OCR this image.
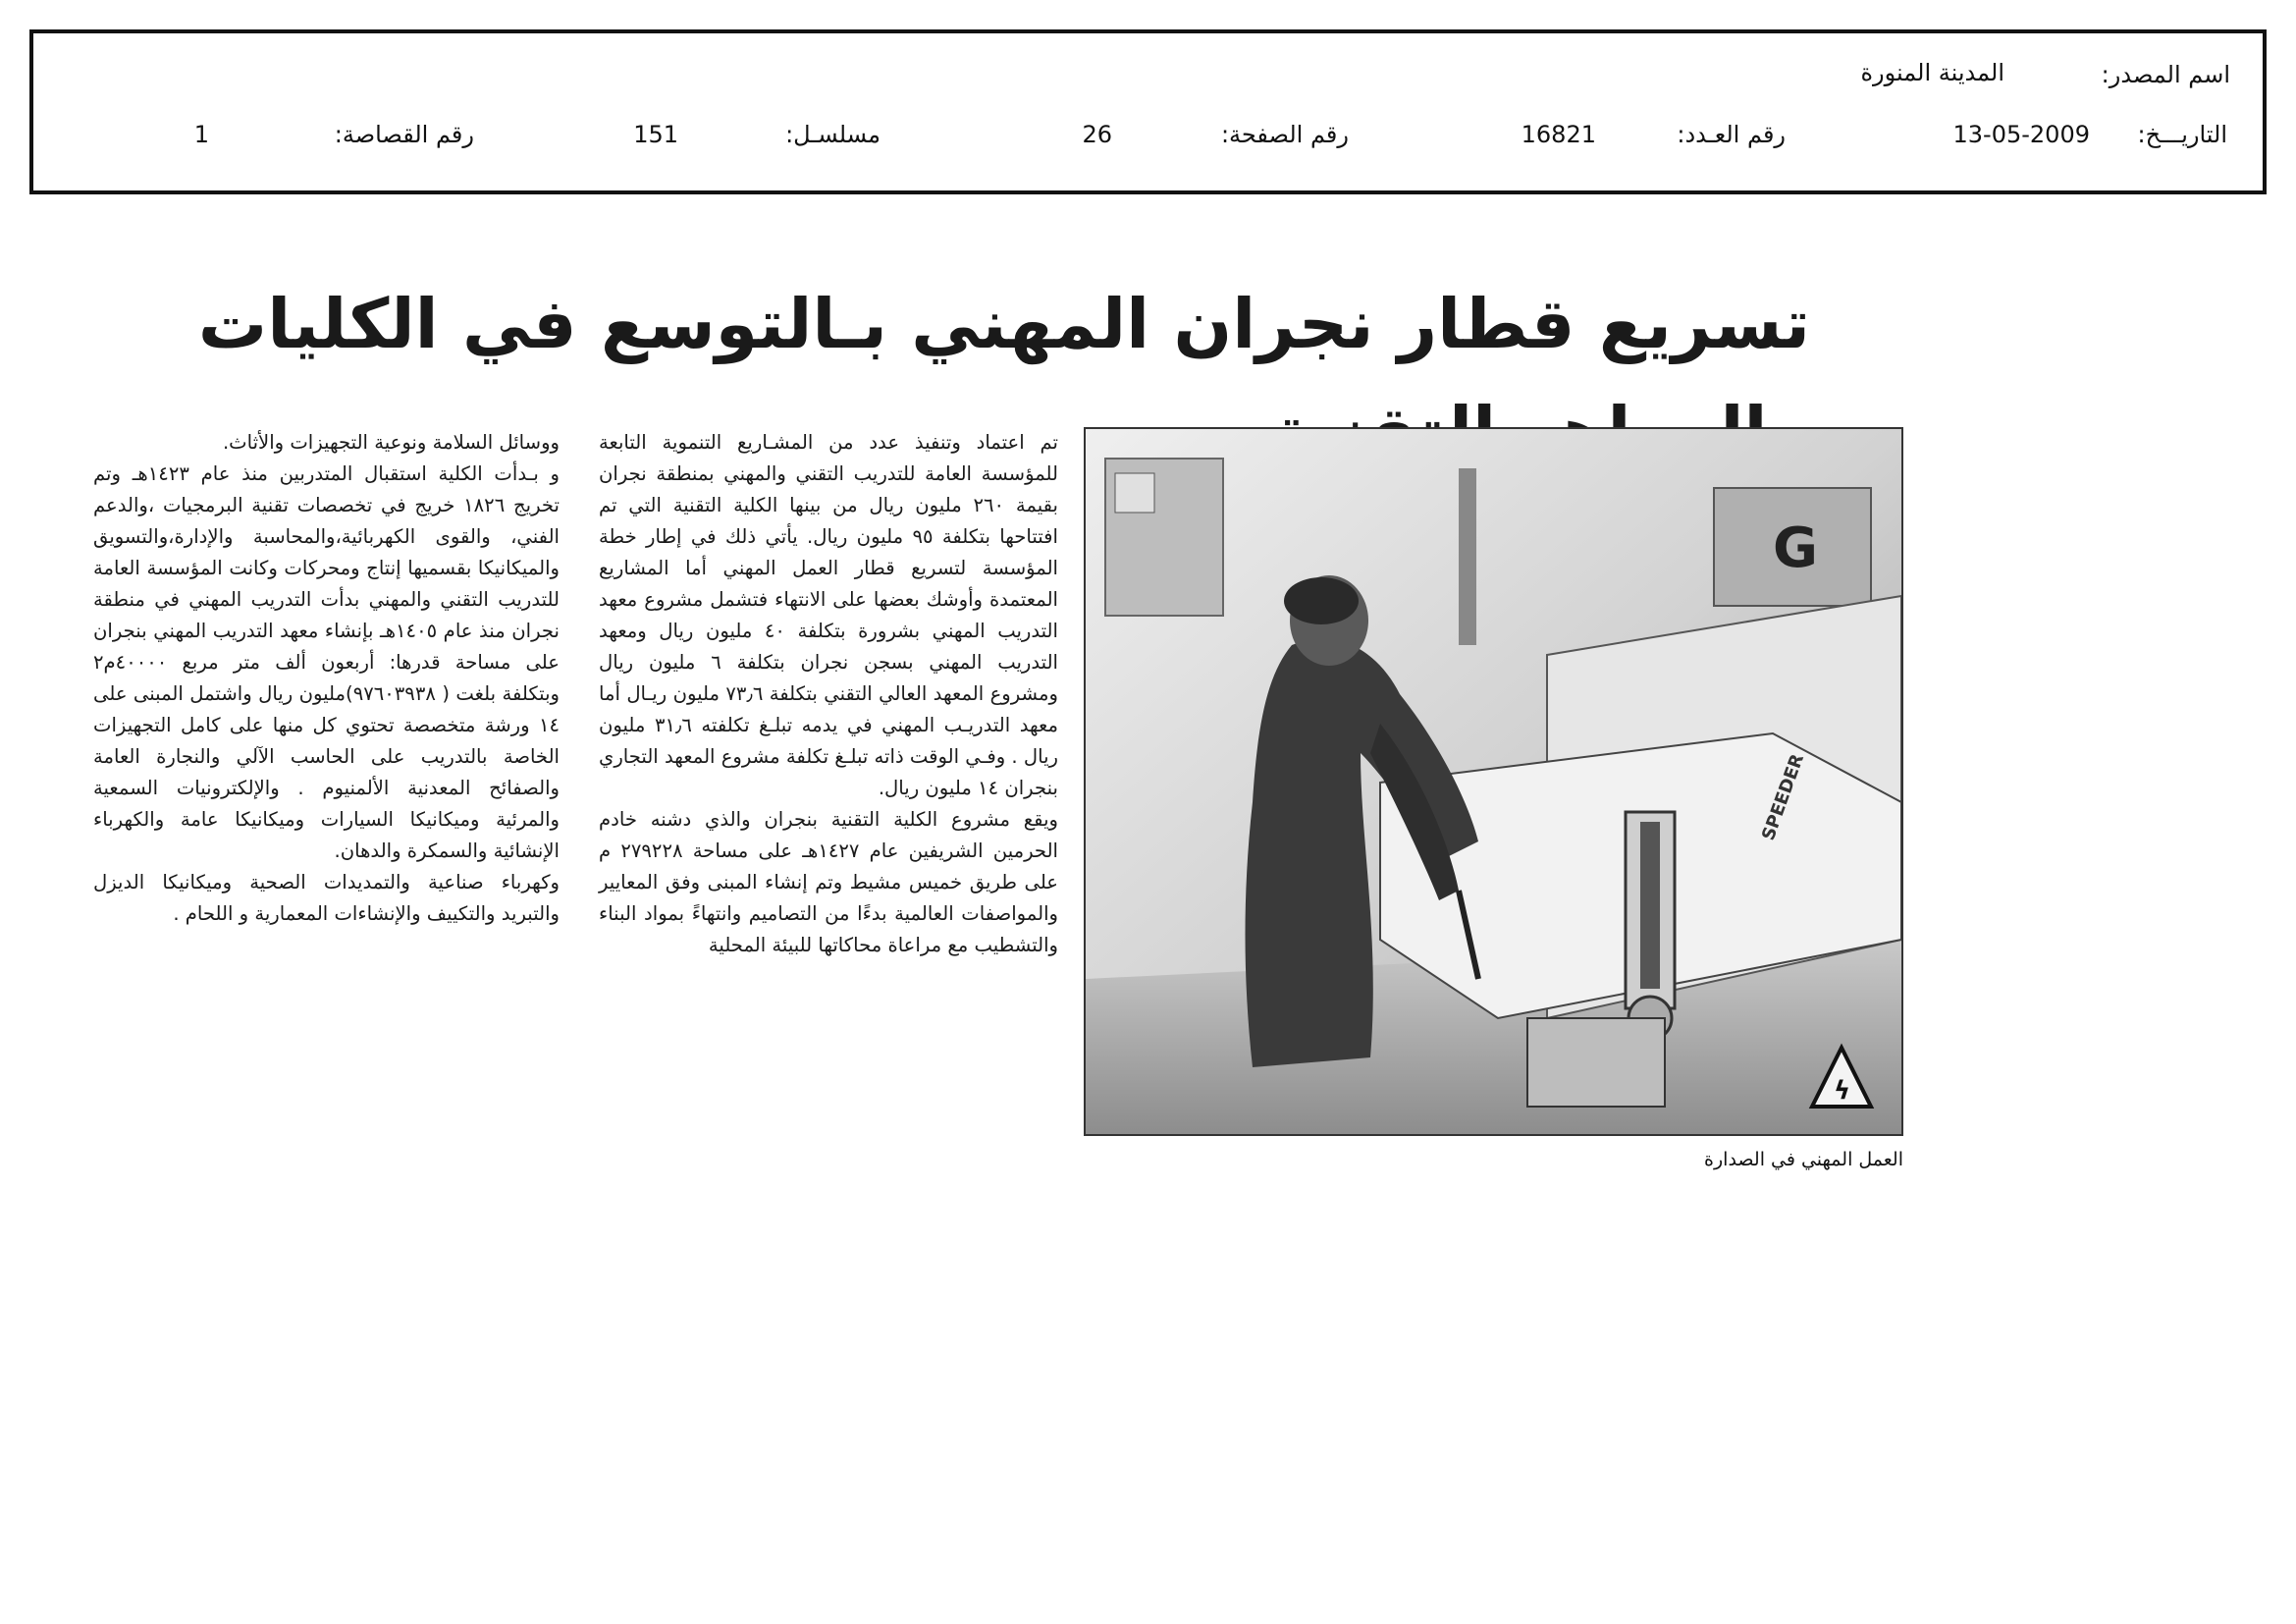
اسم المصدر:
المدينة المنورة
التاريـــخ:
13-05-2009
رقم العـدد:
16821
رقم الصفحة:
26
مسلسـل:
151
رقم القصاصة:
1
تسريع قطار نجران المهني بـالتوسع في الكليات
G
SPEEDER
ϟ
العمل المهني في الصدارة

تم اعتماد وتنفيذ عدد من المشـاريع التنموية التابعة للمؤسسة العامة للتدريب التقني والمهني بمنطقة نجران بقيمة ٢٦٠ مليون ريال من بينها الكلية التقنية التي تم افتتاحها بتكلفة ٩٥ مليون ريال. يأتي ذلك في إطار خطة المؤسسة لتسريع قطار العمل المهني أما المشاريع المعتمدة وأوشك بعضها على الانتهاء فتشمل مشروع معهد التدريب المهني بشرورة بتكلفة ٤٠ مليون ريال ومعهد التدريب المهني بسجن نجران بتكلفة ٦ مليون ريال ومشروع المعهد العالي التقني بتكلفة ٧٣٫٦ مليون ريـال أما معهد التدريـب المهني في يدمه تبلـغ تكلفته ٣١٫٦ مليون ريال . وفـي الوقت ذاته تبلـغ تكلفة مشروع المعهد التجاري بنجران ١٤ مليون ريال.

ويقع مشروع الكلية التقنية بنجران والذي دشنه خادم الحرمين الشريفين عام ١٤٢٧هـ على مساحة ٢٧٩٢٢٨ م على طريق خميس مشيط وتم إنشاء المبنى وفق المعايير والمواصفات العالمية بدءًا من التصاميم وانتهاءً بمواد البناء والتشطيب مع مراعاة محاكاتها للبيئة المحلية

ووسائل السلامة ونوعية التجهيزات والأثاث.

و بـدأت الكلية استقبال المتدربين منذ عام ١٤٢٣هـ وتم تخريج ١٨٢٦ خريج في تخصصات تقنية البرمجيات ،والدعم الفني، والقوى الكهربائية،والمحاسبة والإدارة،والتسويق والميكانيكا بقسميها إنتاج ومحركات وكانت المؤسسة العامة للتدريب التقني والمهني بدأت التدريب المهني في منطقة نجران منذ عام ١٤٠٥هـ بإنشاء معهد التدريب المهني بنجران على مساحة قدرها: أربعون ألف متر مربع ٤٠٠٠٠م٢ وبتكلفة بلغت ( ٩٧٦٠٣٩٣٨)مليون ريال واشتمل المبنى على ١٤ ورشة متخصصة تحتوي كل منها على كامل التجهيزات الخاصة بالتدريب على الحاسب الآلي والنجارة العامة والصفائح المعدنية الألمنيوم . والإلكترونيات السمعية والمرئية وميكانيكا السيارات وميكانيكا عامة والكهرباء الإنشائية والسمكرة والدهان.

وكهرباء صناعية والتمديدات الصحية وميكانيكا الديزل والتبريد والتكييف والإنشاءات المعمارية و اللحام .
